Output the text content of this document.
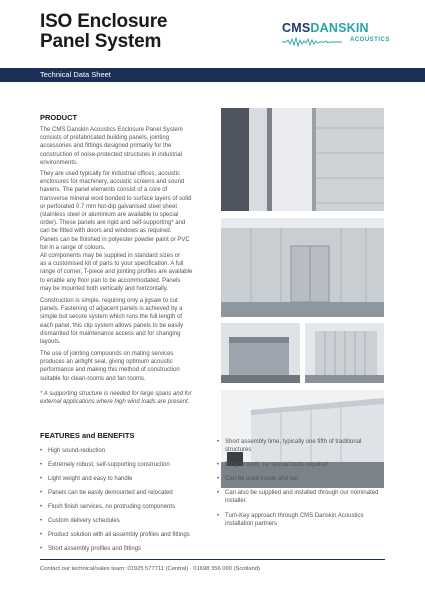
ISO Enclosure
Panel System
CMSDANSKIN
ACOUSTICS
Technical Data Sheet
PRODUCT
The CMS Danskin Acoustics Enclosure Panel System
consists of prefabricated building panels, jointing
accessories and fittings designed primarily for the
construction of noise-protected structures in industrial
environments.
They are used typically for industrial offices, acoustic
enclosures for machinery, acoustic screens and sound
havens. The panel elements consist of a core of
transverse mineral wool bonded to surface layers of solid
or perforated 0.7 mm hot-dip galvanised steel sheet
(stainless steel or aluminium are available to special
order). These panels are rigid and self-supporting* and
can be fitted with doors and windows as required.
Panels can be finished in polyester powder paint or PVC
foil in a range of colours.
All components may be supplied in standard sizes or
as a customised kit of parts to your specification. A full
range of corner, T-piece and jointing profiles are available
to enable any floor pan to be accommodated. Panels
may be mounted both vertically and horizontally.
Construction is simple, requiring only a jigsaw to cut
panels. Fastening of adjacent panels is achieved by a
simple but secure system which runs the full length of
each panel, this clip system allows panels to be easily
dismantled for maintenance access and for changing
layouts.
The use of jointing compounds on mating services
produces an airtight seal, giving optimum acoustic
performance and making this method of construction
suitable for clean-rooms and fan rooms.
* A supporting structure is needed for large spans and for
external applications where high wind loads are present.
FEATURES and BENEFITS
• High sound-reduction
• Extremely robust, self-supporting construction
• Light weight and easy to handle
• Panels can be easily demounted and relocated
• Flush finish services, no protruding components
• Custom delivery schedules
• Product solution with all assembly profiles and fittings
• Short assembly profiles and fittings
• Short assembly time, typically one fifth of traditional
structures
• Easy to work, no special tools required
• Can be used inside and out
• Can also be supplied and installed through our nominated
installer.
• Turn-Key approach through CMS Danskin Acoustics
installation partners
Contact our technical/sales team: 01925 577711 (Central) · 01698 356 000 (Scotland)
